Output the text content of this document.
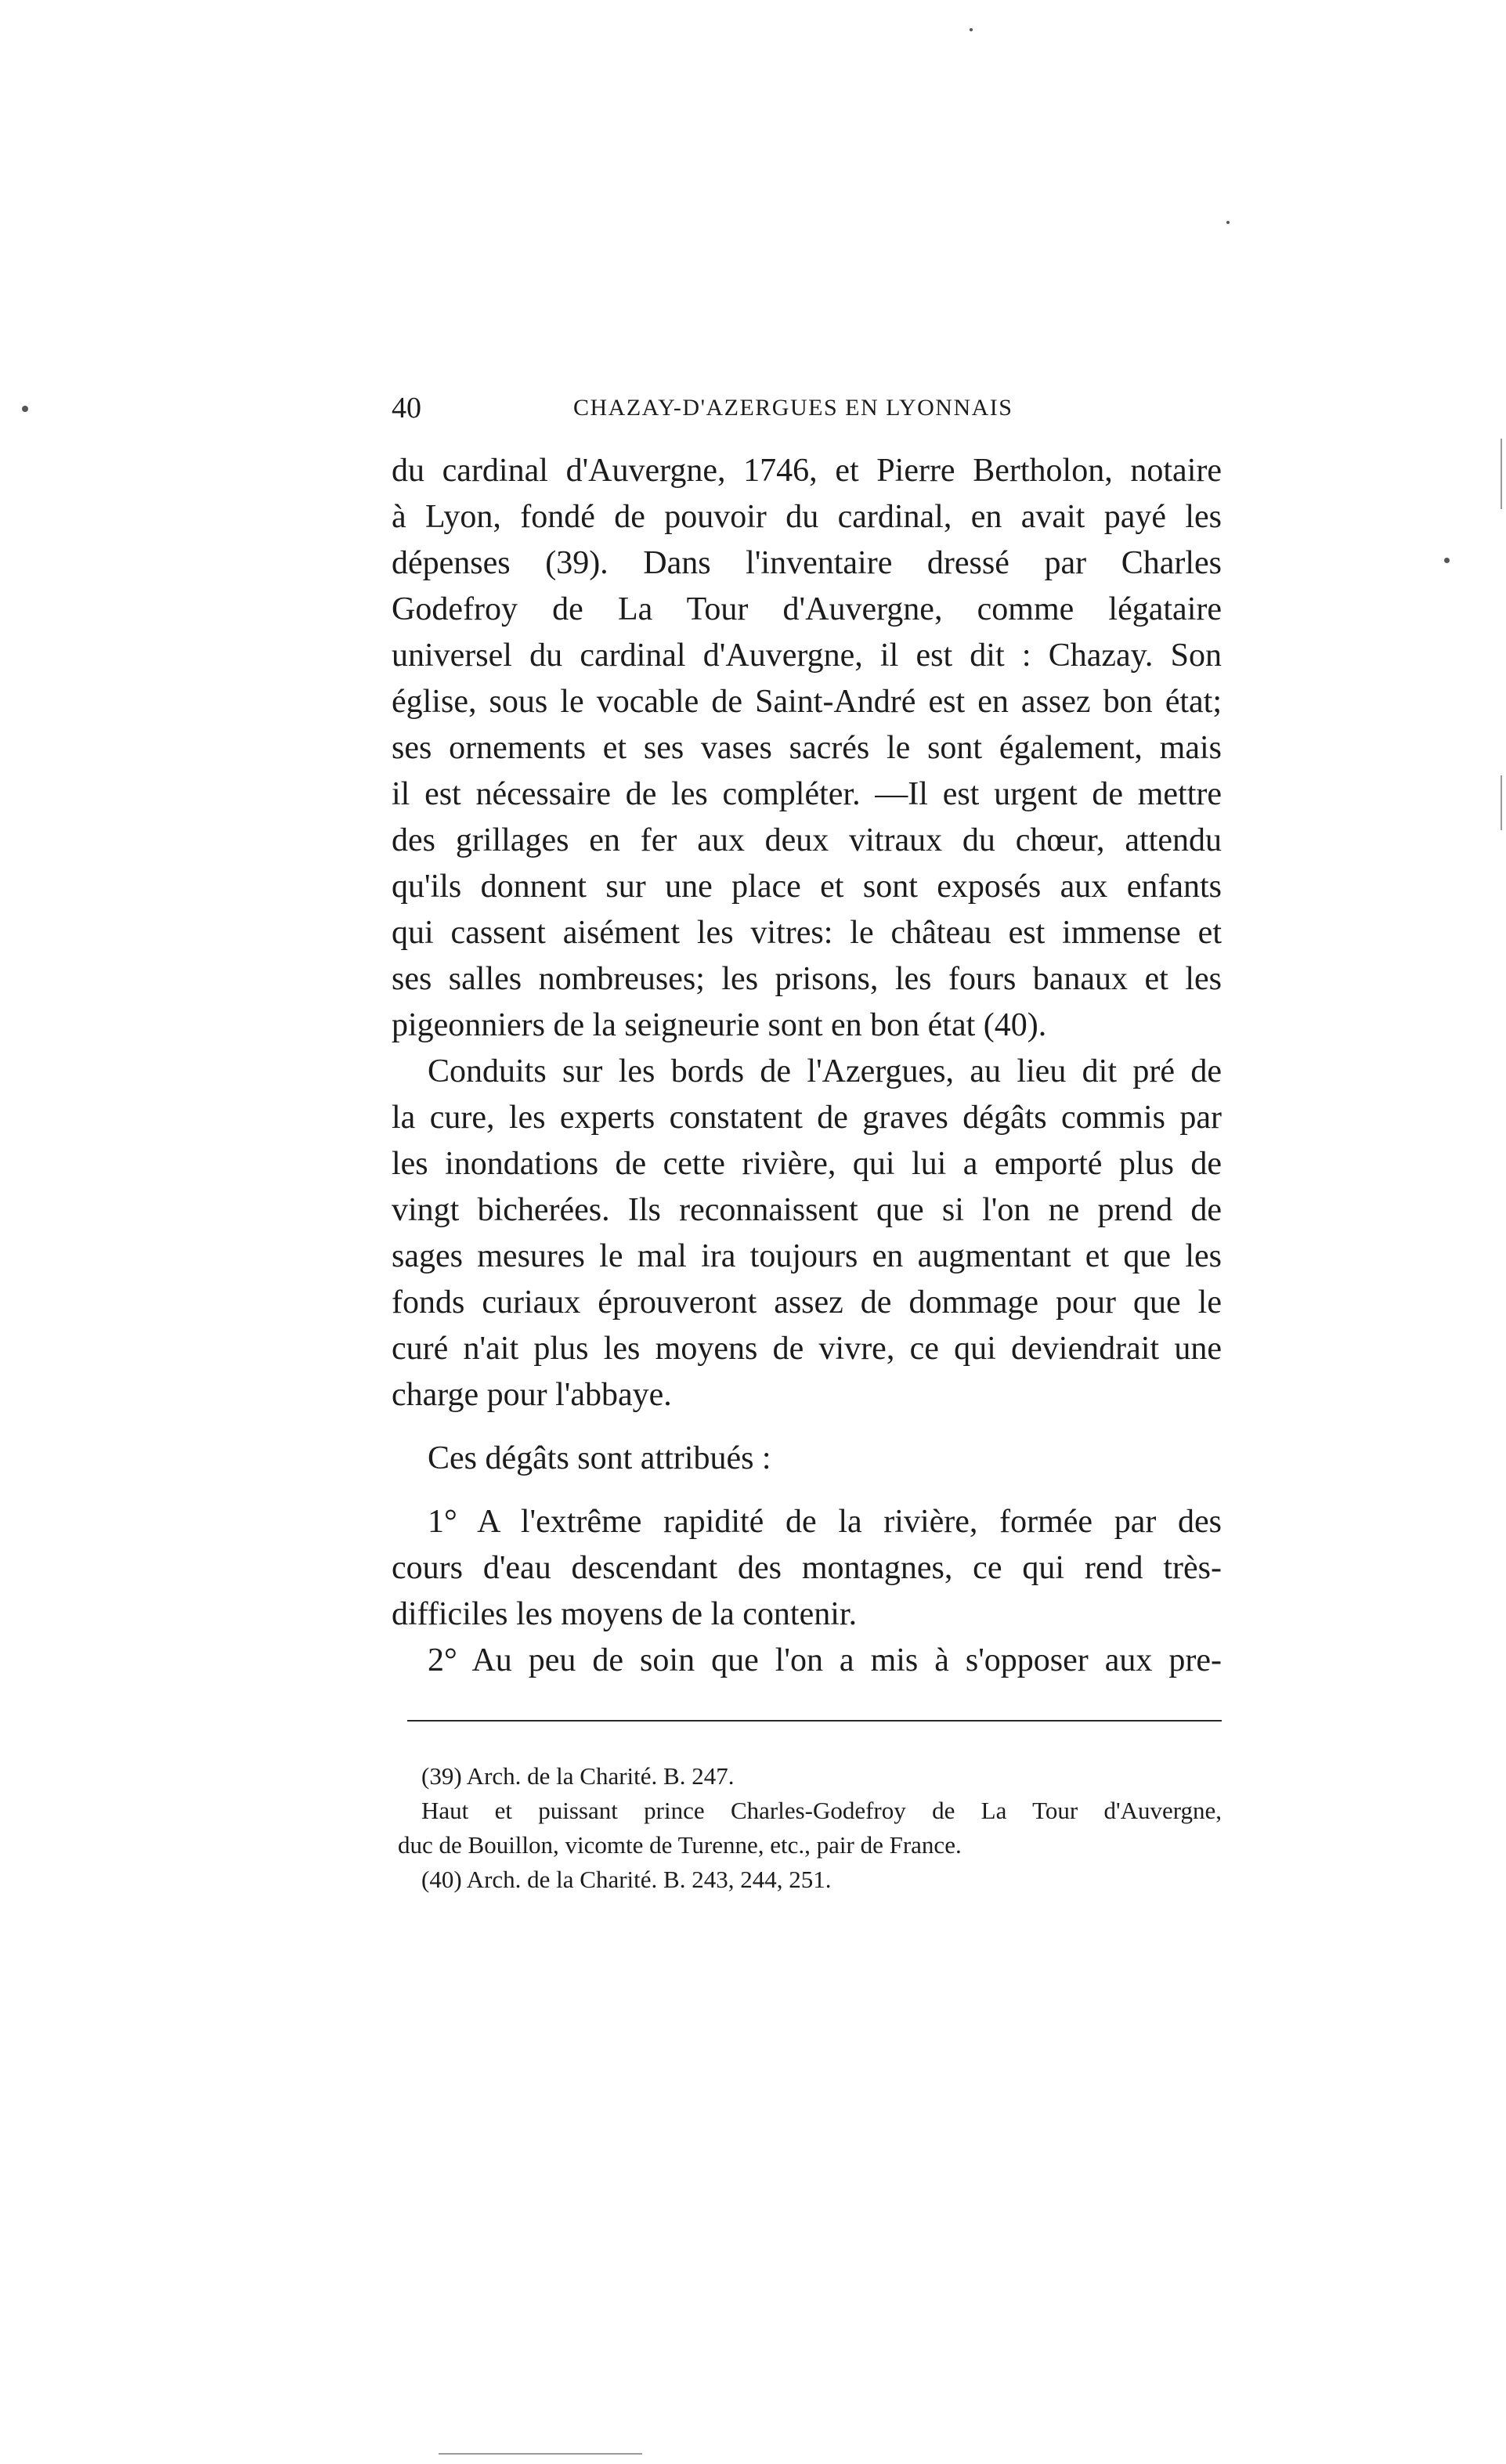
40	CHAZAY-D'AZERGUES EN LYONNAIS
du cardinal d'Auvergne, 1746, et Pierre Bertholon, notaire
à Lyon, fondé de pouvoir du cardinal, en avait payé les
dépenses (39). Dans l'inventaire dressé par Charles
Godefroy de La Tour d'Auvergne, comme légataire
universel du cardinal d'Auvergne, il est dit : Chazay. Son
église, sous le vocable de Saint-André est en assez bon état;
ses ornements et ses vases sacrés le sont également, mais
il est nécessaire de les compléter. —Il est urgent de mettre
des grillages en fer aux deux vitraux du chœur, attendu
qu'ils donnent sur une place et sont exposés aux enfants
qui cassent aisément les vitres: le château est immense et
ses salles nombreuses; les prisons, les fours banaux et les
pigeonniers de la seigneurie sont en bon état (40).
Conduits sur les bords de l'Azergues, au lieu dit pré de
la cure, les experts constatent de graves dégâts commis par
les inondations de cette rivière, qui lui a emporté plus de
vingt bicherées. Ils reconnaissent que si l'on ne prend de
sages mesures le mal ira toujours en augmentant et que les
fonds curiaux éprouveront assez de dommage pour que le
curé n'ait plus les moyens de vivre, ce qui deviendrait une
charge pour l'abbaye.
Ces dégâts sont attribués :
1° A l'extrême rapidité de la rivière, formée par des
cours d'eau descendant des montagnes, ce qui rend très-
difficiles les moyens de la contenir.
2° Au peu de soin que l'on a mis à s'opposer aux pre-
(39) Arch. de la Charité. B. 247.
Haut et puissant prince Charles-Godefroy de La Tour d'Auvergne,
duc de Bouillon, vicomte de Turenne, etc., pair de France.
(40) Arch. de la Charité. B. 243, 244, 251.
